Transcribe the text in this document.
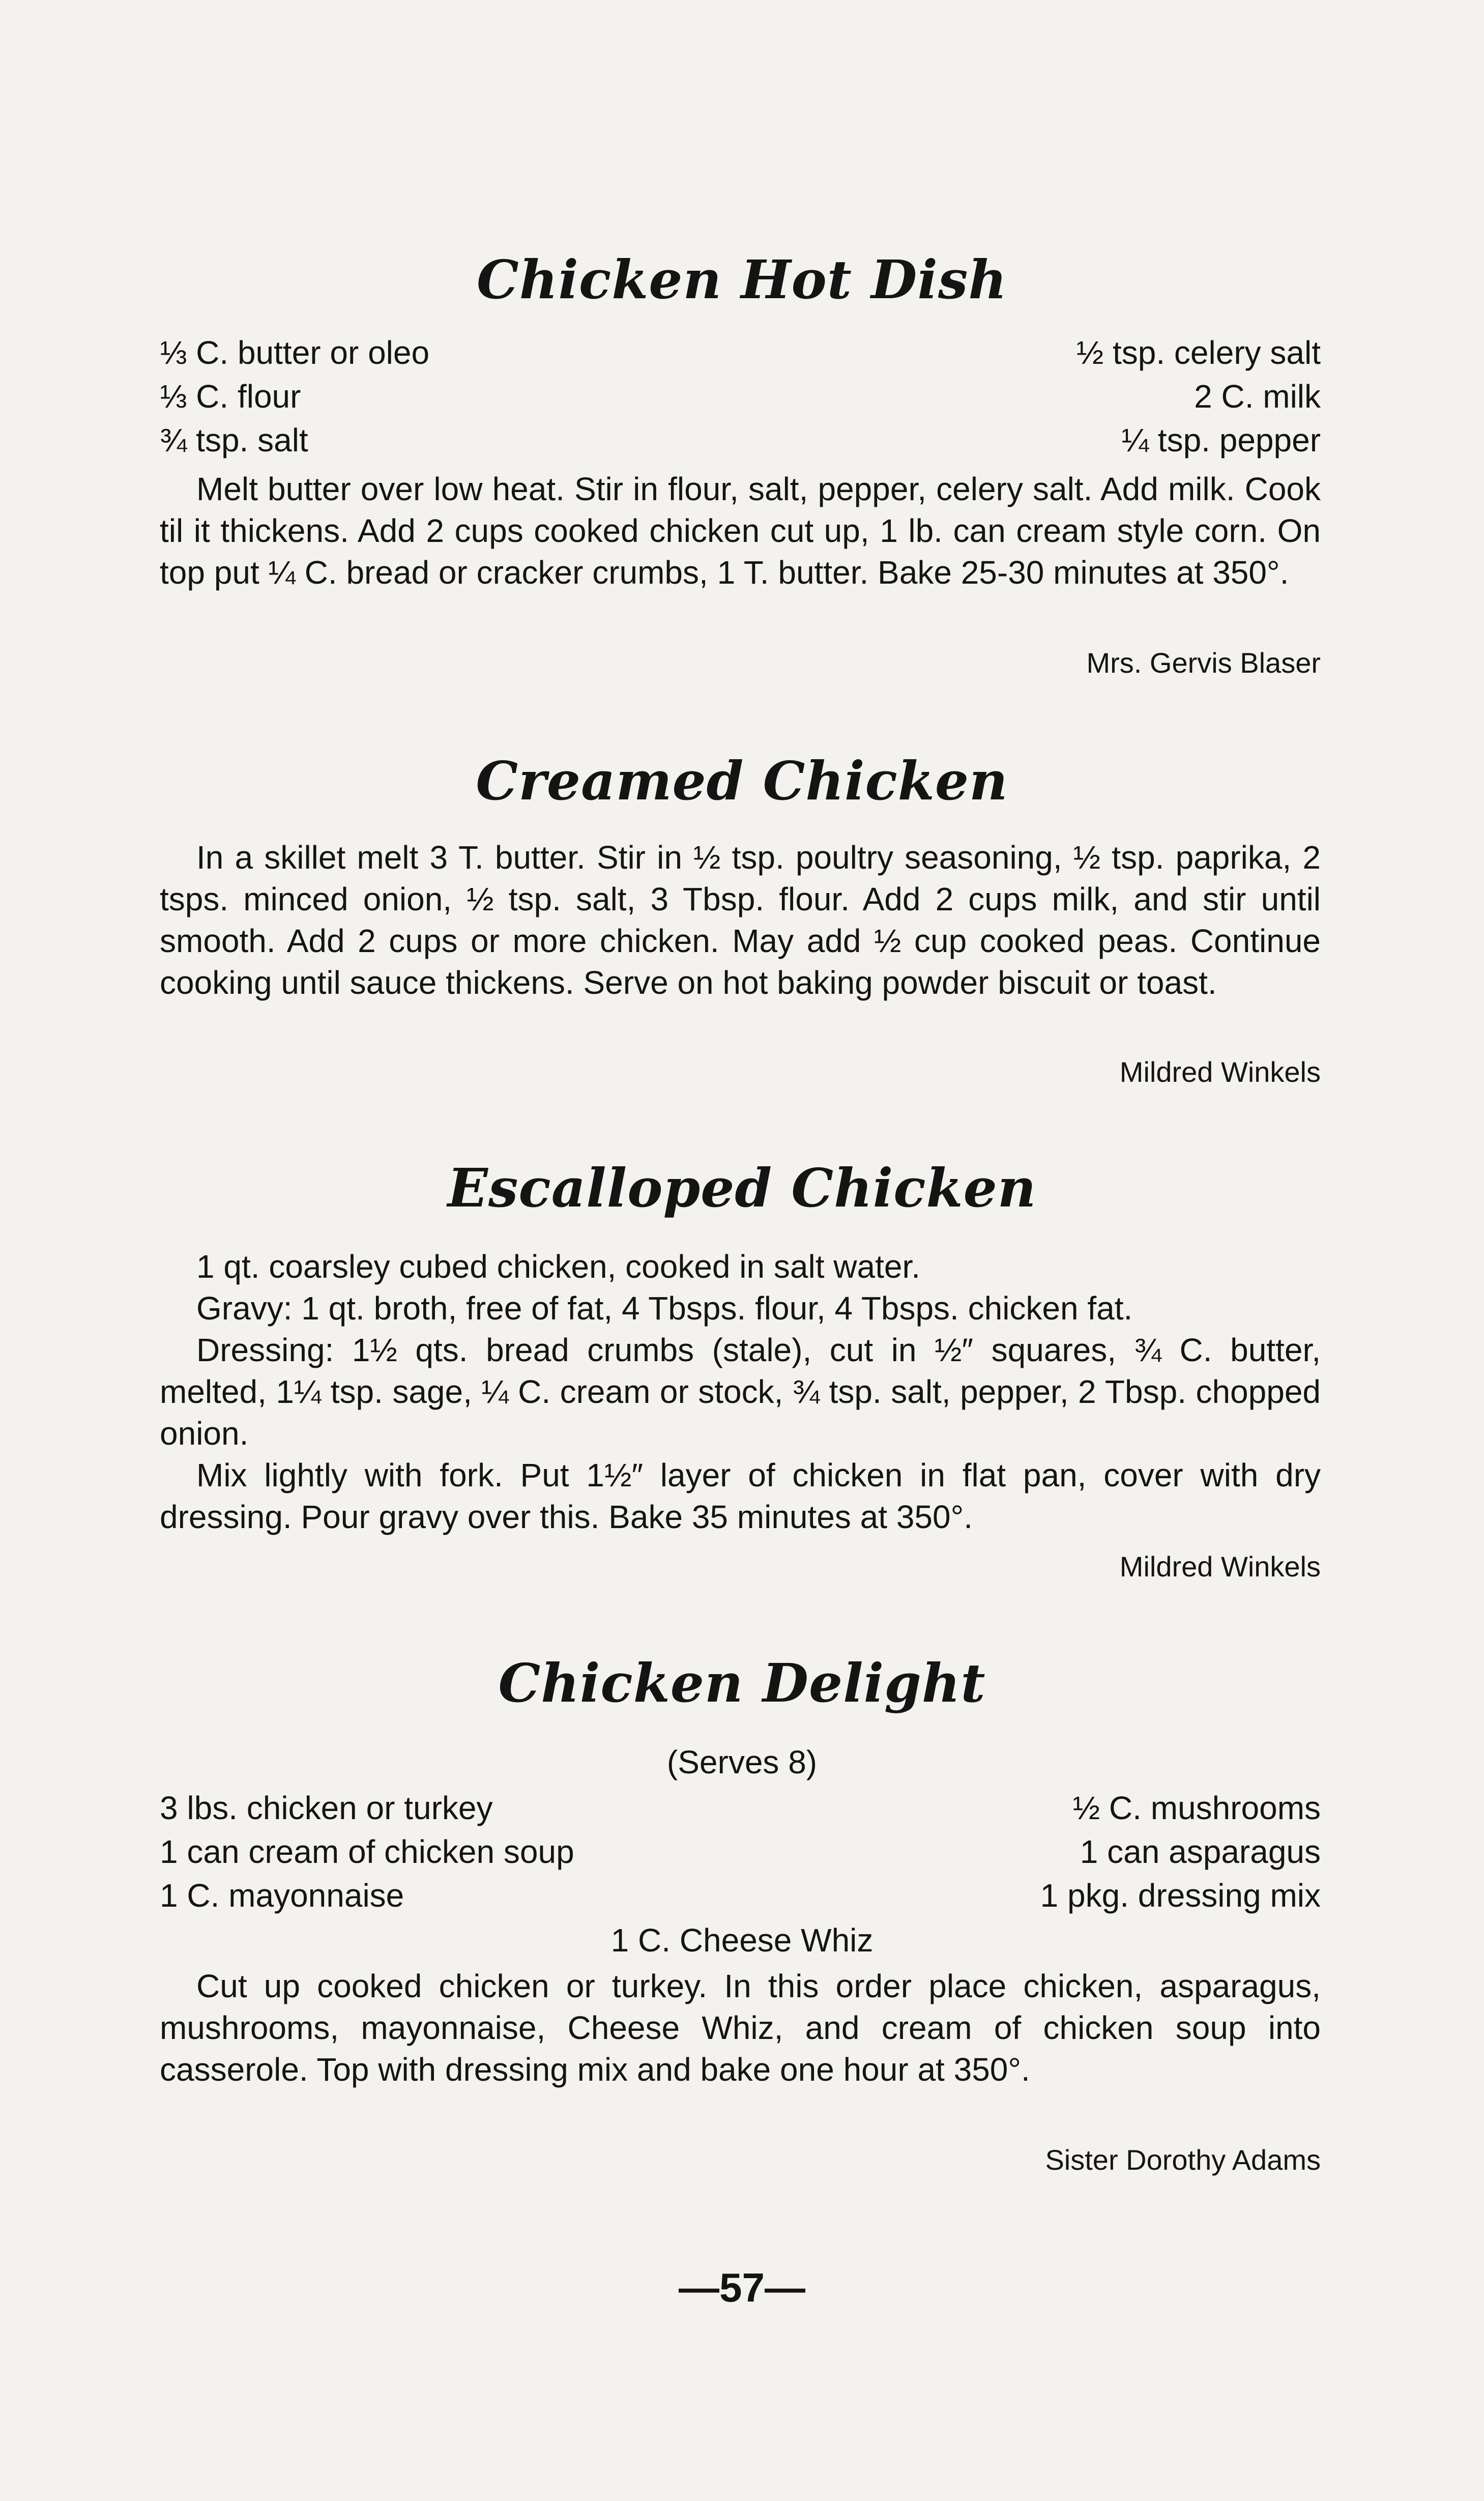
Chicken Hot Dish
⅓ C. butter or oleo	½ tsp. celery salt
⅓ C. flour	2 C. milk
¾ tsp. salt	¼ tsp. pepper

Melt butter over low heat. Stir in flour, salt, pepper, celery salt. Add milk. Cook til it thickens. Add 2 cups cooked chicken cut up, 1 lb. can cream style corn. On top put ¼ C. bread or cracker crumbs, 1 T. butter. Bake 25-30 minutes at 350°.

Mrs. Gervis Blaser
Creamed Chicken

In a skillet melt 3 T. butter. Stir in ½ tsp. poultry seasoning, ½ tsp. paprika, 2 tsps. minced onion, ½ tsp. salt, 3 Tbsp. flour. Add 2 cups milk, and stir until smooth. Add 2 cups or more chicken. May add ½ cup cooked peas. Continue cooking until sauce thickens. Serve on hot baking powder biscuit or toast.

Mildred Winkels
Escalloped Chicken

1 qt. coarsley cubed chicken, cooked in salt water.

Gravy: 1 qt. broth, free of fat, 4 Tbsps. flour, 4 Tbsps. chicken fat.

Dressing: 1½ qts. bread crumbs (stale), cut in ½″ squares, ¾ C. butter, melted, 1¼ tsp. sage, ¼ C. cream or stock, ¾ tsp. salt, pepper, 2 Tbsp. chopped onion.

Mix lightly with fork. Put 1½″ layer of chicken in flat pan, cover with dry dressing. Pour gravy over this. Bake 35 minutes at 350°.

Mildred Winkels
Chicken Delight
(Serves 8)
3 lbs. chicken or turkey	½ C. mushrooms
1 can cream of chicken soup	1 can asparagus
1 C. mayonnaise	1 pkg. dressing mix
1 C. Cheese Whiz

Cut up cooked chicken or turkey. In this order place chicken, asparagus, mushrooms, mayonnaise, Cheese Whiz, and cream of chicken soup into casserole. Top with dressing mix and bake one hour at 350°.

Sister Dorothy Adams
—57—
